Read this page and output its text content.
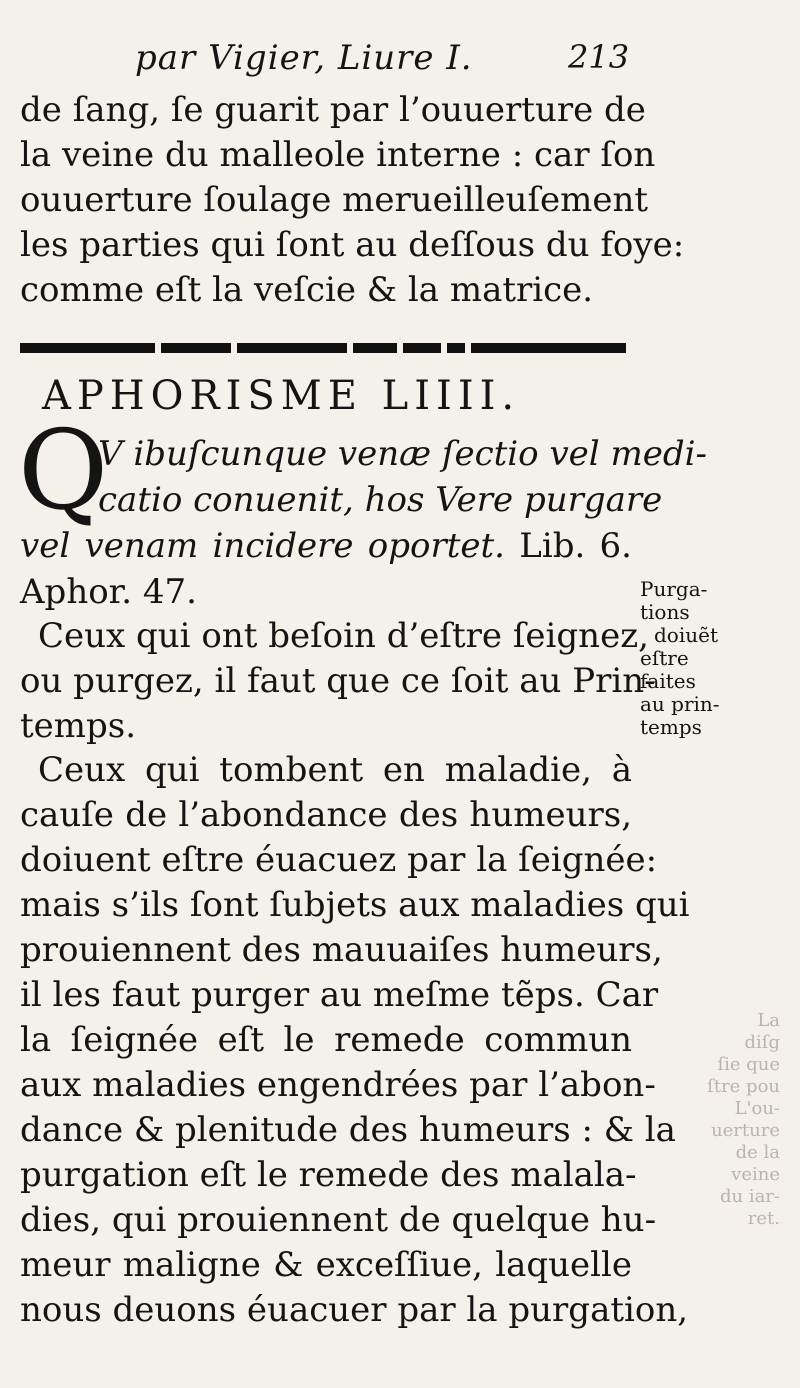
par Vigier, Liure I.	213
de ſang, ſe guarit par l’ouuerture de
la veine du malleole interne : car ſon
ouuerture ſoulage merueilleuſement
les parties qui ſont au deſſous du foye:
comme eſt la veſcie & la matrice.
APHORISME LIIII.
Q
V ibuſcunque venæ ſectio vel medi-
catio conuenit, hos Vere purgare
vel venam incidere oportet. Lib. 6.
Aphor. 47.
Ceux qui ont beſoin d’eſtre ſeignez,
ou purgez, il faut que ce ſoit au Prin-
temps.
Ceux qui tombent en maladie, à
cauſe de l’abondance des humeurs,
doiuent eſtre éuacuez par la ſeignée:
mais s’ils ſont ſubjets aux maladies qui
prouiennent des mauuaiſes humeurs,
il les faut purger au meſme tẽps. Car
la ſeignée eſt le remede commun
aux maladies engendrées par l’abon-
dance & plenitude des humeurs : & la
purgation eſt le remede des malala-
dies, qui prouiennent de quelque hu-
meur maligne & exceſſiue, laquelle
nous deuons éuacuer par la purgation,
Purga-
tions
doiuẽt
eſtre
faites
au prin-
temps
La
diſg
ſie que
ſtre pou
L'ou-
uerture
de la
veine
du iar-
ret.
